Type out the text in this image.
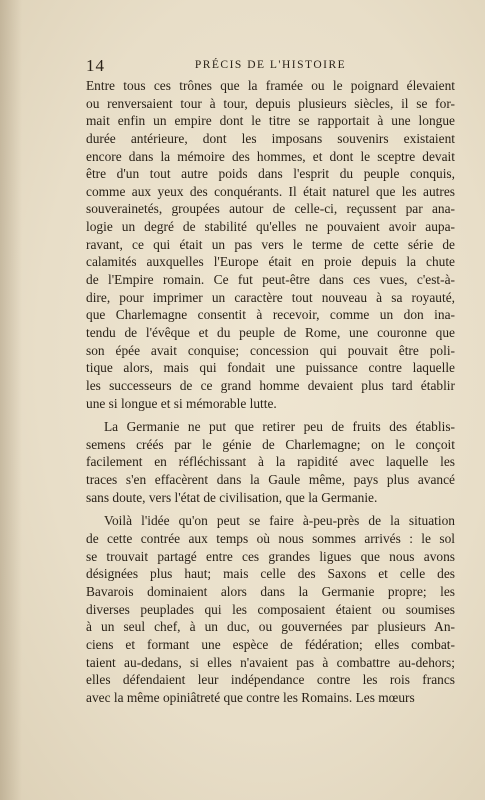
14	PRÉCIS DE L'HISTOIRE
Entre tous ces trônes que la framée ou le poignard élevaient
ou renversaient tour à tour, depuis plusieurs siècles, il se for-
mait enfin un empire dont le titre se rapportait à une longue
durée antérieure, dont les imposans souvenirs existaient
encore dans la mémoire des hommes, et dont le sceptre devait
être d'un tout autre poids dans l'esprit du peuple conquis,
comme aux yeux des conquérants. Il était naturel que les autres
souverainetés, groupées autour de celle-ci, reçussent par ana-
logie un degré de stabilité qu'elles ne pouvaient avoir aupa-
ravant, ce qui était un pas vers le terme de cette série de
calamités auxquelles l'Europe était en proie depuis la chute
de l'Empire romain. Ce fut peut-être dans ces vues, c'est-à-
dire, pour imprimer un caractère tout nouveau à sa royauté,
que Charlemagne consentit à recevoir, comme un don ina-
tendu de l'évêque et du peuple de Rome, une couronne que
son épée avait conquise; concession qui pouvait être poli-
tique alors, mais qui fondait une puissance contre laquelle
les successeurs de ce grand homme devaient plus tard établir
une si longue et si mémorable lutte.
La Germanie ne put que retirer peu de fruits des établis-
semens créés par le génie de Charlemagne; on le conçoit
facilement en réfléchissant à la rapidité avec laquelle les
traces s'en effacèrent dans la Gaule même, pays plus avancé
sans doute, vers l'état de civilisation, que la Germanie.
Voilà l'idée qu'on peut se faire à-peu-près de la situation
de cette contrée aux temps où nous sommes arrivés : le sol
se trouvait partagé entre ces grandes ligues que nous avons
désignées plus haut; mais celle des Saxons et celle des
Bavarois dominaient alors dans la Germanie propre; les
diverses peuplades qui les composaient étaient ou soumises
à un seul chef, à un duc, ou gouvernées par plusieurs An-
ciens et formant une espèce de fédération; elles combat-
taient au-dedans, si elles n'avaient pas à combattre au-dehors;
elles défendaient leur indépendance contre les rois francs
avec la même opiniâtreté que contre les Romains. Les mœurs
